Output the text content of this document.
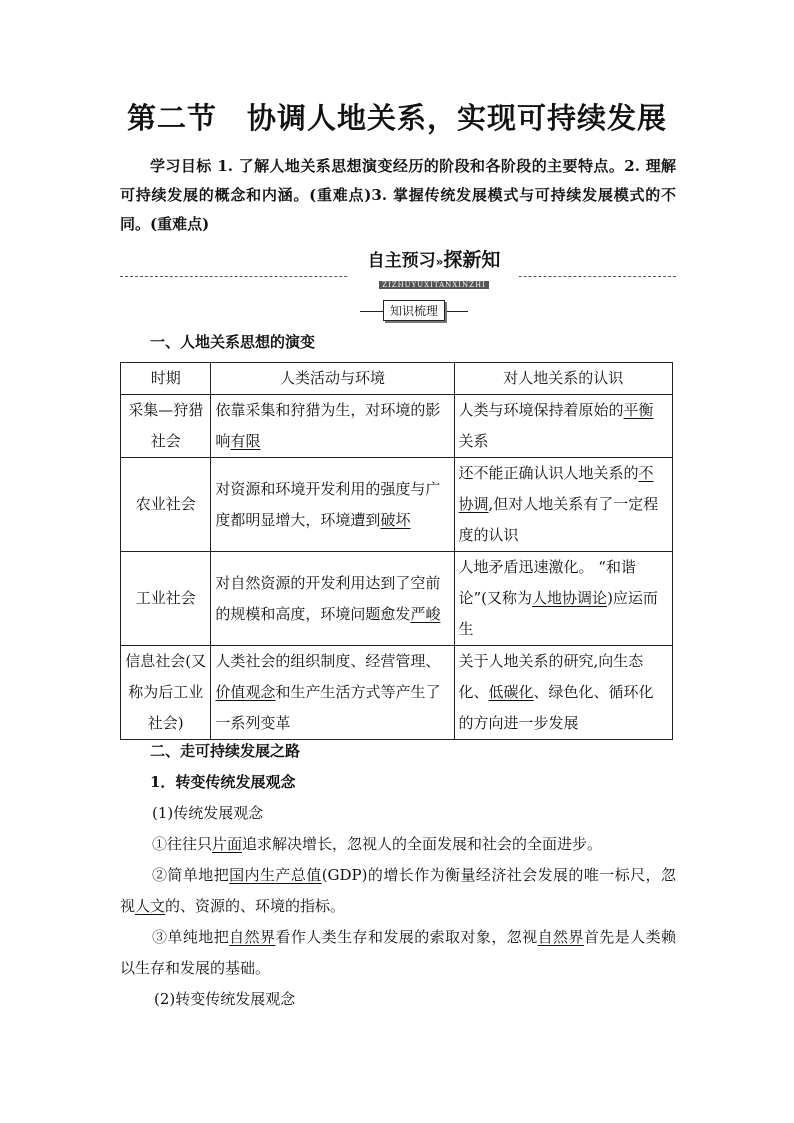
第二节　协调人地关系，实现可持续发展
学习目标 1. 了解人地关系思想演变经历的阶段和各阶段的主要特点。2. 理解可持续发展的概念和内涵。(重难点)3. 掌握传统发展模式与可持续发展模式的不同。(重难点)
自主预习»探新知
ZIZHUYUXITANXINZHI
知识梳理
一、人地关系思想的演变
时期	人类活动与环境	对人地关系的认识
采集—狩猎社会	依靠采集和狩猎为生，对环境的影响有限	人类与环境保持着原始的平衡关系
农业社会	对资源和环境开发利用的强度与广度都明显增大，环境遭到破坏	还不能正确认识人地关系的不协调,但对人地关系有了一定程度的认识
工业社会	对自然资源的开发利用达到了空前的规模和高度，环境问题愈发严峻	人地矛盾迅速激化。 “和谐论”(又称为人地协调论)应运而生
信息社会(又称为后工业社会)	人类社会的组织制度、经营管理、价值观念和生产生活方式等产生了一系列变革	关于人地关系的研究,向生态化、低碳化、绿色化、循环化的方向进一步发展
二、走可持续发展之路
1．转变传统发展观念
(1)传统发展观念
①往往只片面追求解决增长，忽视人的全面发展和社会的全面进步。
②简单地把国内生产总值(GDP)的增长作为衡量经济社会发展的唯一标尺，忽视人文的、资源的、环境的指标。
③单纯地把自然界看作人类生存和发展的索取对象，忽视自然界首先是人类赖以生存和发展的基础。
(2)转变传统发展观念
